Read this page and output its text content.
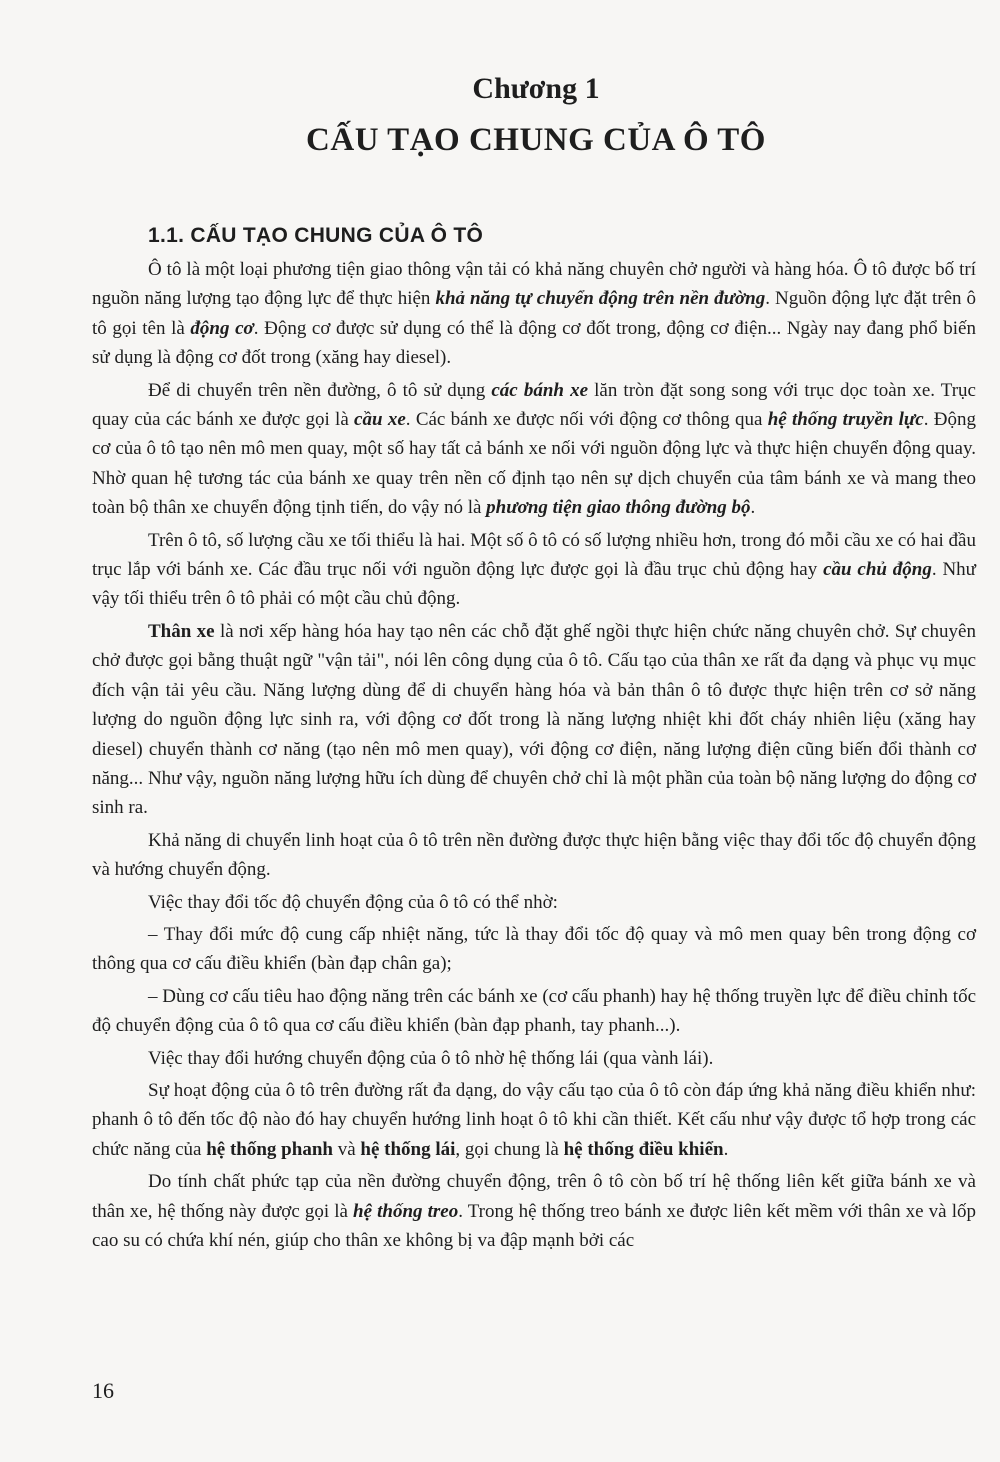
Chương 1
CẤU TẠO CHUNG CỦA Ô TÔ
1.1. CẤU TẠO CHUNG CỦA Ô TÔ

Ô tô là một loại phương tiện giao thông vận tải có khả năng chuyên chở người và hàng hóa. Ô tô được bố trí nguồn năng lượng tạo động lực để thực hiện khả năng tự chuyển động trên nền đường. Nguồn động lực đặt trên ô tô gọi tên là động cơ. Động cơ được sử dụng có thể là động cơ đốt trong, động cơ điện... Ngày nay đang phổ biến sử dụng là động cơ đốt trong (xăng hay diesel).

Để di chuyển trên nền đường, ô tô sử dụng các bánh xe lăn tròn đặt song song với trục dọc toàn xe. Trục quay của các bánh xe được gọi là cầu xe. Các bánh xe được nối với động cơ thông qua hệ thống truyền lực. Động cơ của ô tô tạo nên mô men quay, một số hay tất cả bánh xe nối với nguồn động lực và thực hiện chuyển động quay. Nhờ quan hệ tương tác của bánh xe quay trên nền cố định tạo nên sự dịch chuyển của tâm bánh xe và mang theo toàn bộ thân xe chuyển động tịnh tiến, do vậy nó là phương tiện giao thông đường bộ.

Trên ô tô, số lượng cầu xe tối thiểu là hai. Một số ô tô có số lượng nhiều hơn, trong đó mỗi cầu xe có hai đầu trục lắp với bánh xe. Các đầu trục nối với nguồn động lực được gọi là đầu trục chủ động hay cầu chủ động. Như vậy tối thiểu trên ô tô phải có một cầu chủ động.

Thân xe là nơi xếp hàng hóa hay tạo nên các chỗ đặt ghế ngồi thực hiện chức năng chuyên chở. Sự chuyên chở được gọi bằng thuật ngữ "vận tải", nói lên công dụng của ô tô. Cấu tạo của thân xe rất đa dạng và phục vụ mục đích vận tải yêu cầu. Năng lượng dùng để di chuyển hàng hóa và bản thân ô tô được thực hiện trên cơ sở năng lượng do nguồn động lực sinh ra, với động cơ đốt trong là năng lượng nhiệt khi đốt cháy nhiên liệu (xăng hay diesel) chuyển thành cơ năng (tạo nên mô men quay), với động cơ điện, năng lượng điện cũng biến đổi thành cơ năng... Như vậy, nguồn năng lượng hữu ích dùng để chuyên chở chỉ là một phần của toàn bộ năng lượng do động cơ sinh ra.

Khả năng di chuyển linh hoạt của ô tô trên nền đường được thực hiện bằng việc thay đổi tốc độ chuyển động và hướng chuyển động.

Việc thay đổi tốc độ chuyển động của ô tô có thể nhờ:

– Thay đổi mức độ cung cấp nhiệt năng, tức là thay đổi tốc độ quay và mô men quay bên trong động cơ thông qua cơ cấu điều khiển (bàn đạp chân ga);

– Dùng cơ cấu tiêu hao động năng trên các bánh xe (cơ cấu phanh) hay hệ thống truyền lực để điều chỉnh tốc độ chuyển động của ô tô qua cơ cấu điều khiển (bàn đạp phanh, tay phanh...).

Việc thay đổi hướng chuyển động của ô tô nhờ hệ thống lái (qua vành lái).

Sự hoạt động của ô tô trên đường rất đa dạng, do vậy cấu tạo của ô tô còn đáp ứng khả năng điều khiển như: phanh ô tô đến tốc độ nào đó hay chuyển hướng linh hoạt ô tô khi cần thiết. Kết cấu như vậy được tổ hợp trong các chức năng của hệ thống phanh và hệ thống lái, gọi chung là hệ thống điều khiển.

Do tính chất phức tạp của nền đường chuyển động, trên ô tô còn bố trí hệ thống liên kết giữa bánh xe và thân xe, hệ thống này được gọi là hệ thống treo. Trong hệ thống treo bánh xe được liên kết mềm với thân xe và lốp cao su có chứa khí nén, giúp cho thân xe không bị va đập mạnh bởi các

16
